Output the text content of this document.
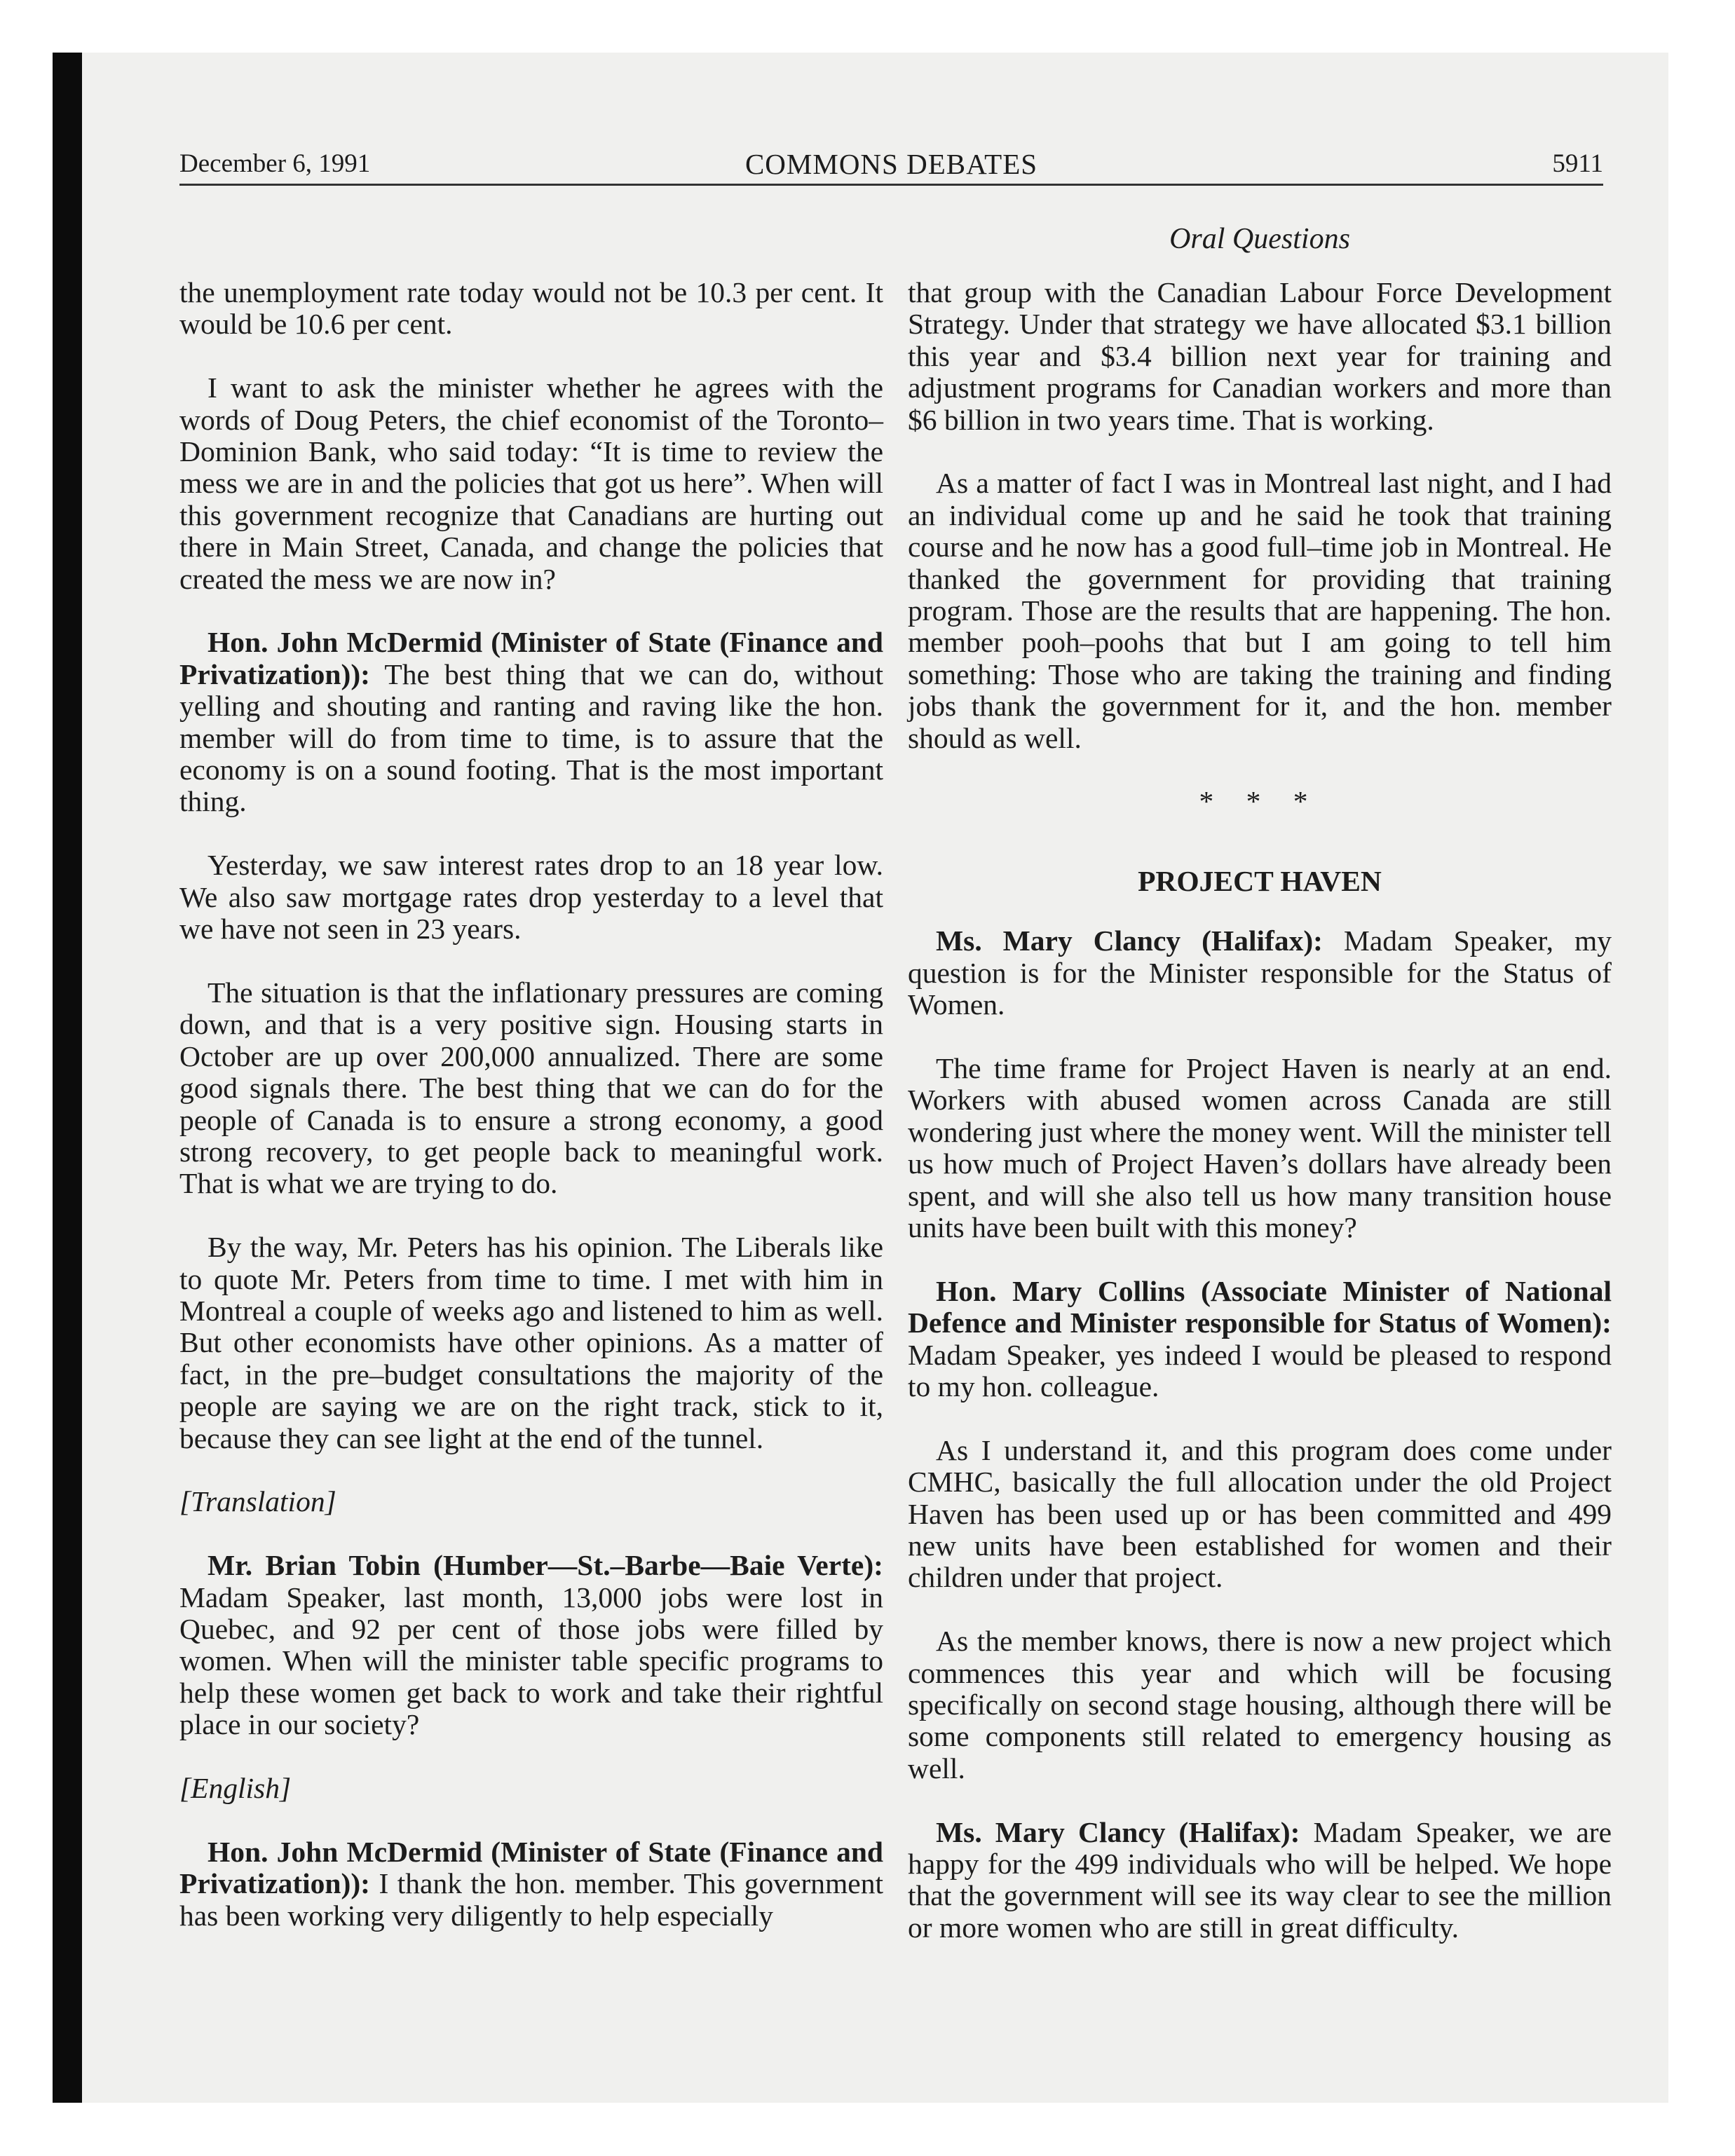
December 6, 1991	COMMONS DEBATES	5911
Oral Questions

the unemployment rate today would not be 10.3 per cent. It would be 10.6 per cent.

I want to ask the minister whether he agrees with the words of Doug Peters, the chief economist of the Toronto–Dominion Bank, who said today: “It is time to review the mess we are in and the policies that got us here”. When will this government recognize that Canadians are hurting out there in Main Street, Canada, and change the policies that created the mess we are now in?

Hon. John McDermid (Minister of State (Finance and Privatization)): The best thing that we can do, without yelling and shouting and ranting and raving like the hon. member will do from time to time, is to assure that the economy is on a sound footing. That is the most important thing.

Yesterday, we saw interest rates drop to an 18 year low. We also saw mortgage rates drop yesterday to a level that we have not seen in 23 years.

The situation is that the inflationary pressures are coming down, and that is a very positive sign. Housing starts in October are up over 200,000 annualized. There are some good signals there. The best thing that we can do for the people of Canada is to ensure a strong economy, a good strong recovery, to get people back to meaningful work. That is what we are trying to do.

By the way, Mr. Peters has his opinion. The Liberals like to quote Mr. Peters from time to time. I met with him in Montreal a couple of weeks ago and listened to him as well. But other economists have other opinions. As a matter of fact, in the pre–budget consultations the majority of the people are saying we are on the right track, stick to it, because they can see light at the end of the tunnel.

[Translation]

Mr. Brian Tobin (Humber—St.–Barbe—Baie Verte): Madam Speaker, last month, 13,000 jobs were lost in Quebec, and 92 per cent of those jobs were filled by women. When will the minister table specific programs to help these women get back to work and take their rightful place in our society?

[English]

Hon. John McDermid (Minister of State (Finance and Privatization)): I thank the hon. member. This government has been working very diligently to help especially

that group with the Canadian Labour Force Development Strategy. Under that strategy we have allocated $3.1 billion this year and $3.4 billion next year for training and adjustment programs for Canadian workers and more than $6 billion in two years time. That is working.

As a matter of fact I was in Montreal last night, and I had an individual come up and he said he took that training course and he now has a good full–time job in Montreal. He thanked the government for providing that training program. Those are the results that are happening. The hon. member pooh–poohs that but I am going to tell him something: Those who are taking the training and finding jobs thank the government for it, and the hon. member should as well.

* * *

PROJECT HAVEN

Ms. Mary Clancy (Halifax): Madam Speaker, my question is for the Minister responsible for the Status of Women.

The time frame for Project Haven is nearly at an end. Workers with abused women across Canada are still wondering just where the money went. Will the minister tell us how much of Project Haven’s dollars have already been spent, and will she also tell us how many transition house units have been built with this money?

Hon. Mary Collins (Associate Minister of National Defence and Minister responsible for Status of Women): Madam Speaker, yes indeed I would be pleased to respond to my hon. colleague.

As I understand it, and this program does come under CMHC, basically the full allocation under the old Project Haven has been used up or has been committed and 499 new units have been established for women and their children under that project.

As the member knows, there is now a new project which commences this year and which will be focusing specifically on second stage housing, although there will be some components still related to emergency housing as well.

Ms. Mary Clancy (Halifax): Madam Speaker, we are happy for the 499 individuals who will be helped. We hope that the government will see its way clear to see the million or more women who are still in great difficulty.
